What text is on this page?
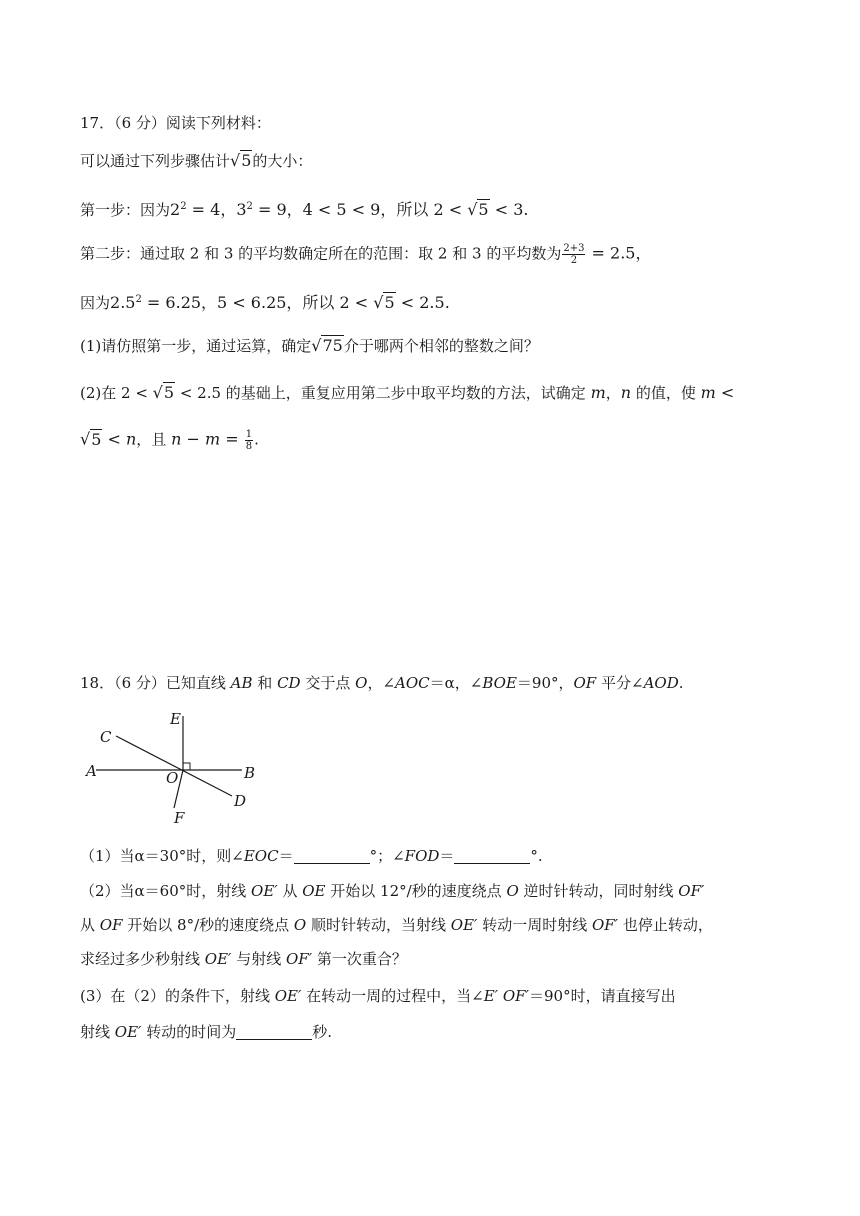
17．（6 分）阅读下列材料：
可以通过下列步骤估计√5的大小：
第一步：因为$2^2 = 4$，$3^2 = 9$，4 < 5 < 9，所以 2 < √5 < 3.
第二步：通过取 2 和 3 的平均数确定所在的范围：取 2 和 3 的平均数为 $\frac{2+3}{2} = 2.5$，
因为$2.5^2 = 6.25$，5 < 6.25，所以 2 < √5 < 2.5.
(1)请仿照第一步，通过运算，确定√75介于哪两个相邻的整数之间？
(2)在 2 < √5 < 2.5 的基础上，重复应用第二步中取平均数的方法，试确定 m，n 的值，使 m <
√5 < n，且 $n - m = \frac{1}{8}$ .
18．（6 分）已知直线 AB 和 CD 交于点 O，∠AOC＝α，∠BOE＝90°，OF 平分∠AOD.
E
C
A	O	B
D
F
（1）当α＝30°时，则∠EOC＝	°；∠FOD＝	°.
（2）当α＝60°时，射线 OE′ 从 OE 开始以 12°/秒的速度绕点 O 逆时针转动，同时射线 OF′
从 OF 开始以 8°/秒的速度绕点 O 顺时针转动，当射线 OE′ 转动一周时射线 OF′ 也停止转动，
求经过多少秒射线 OE′ 与射线 OF′ 第一次重合？
(3）在（2）的条件下，射线 OE′ 在转动一周的过程中，当∠E′ OF′＝90°时，请直接写出
射线 OE′ 转动的时间为	秒.
